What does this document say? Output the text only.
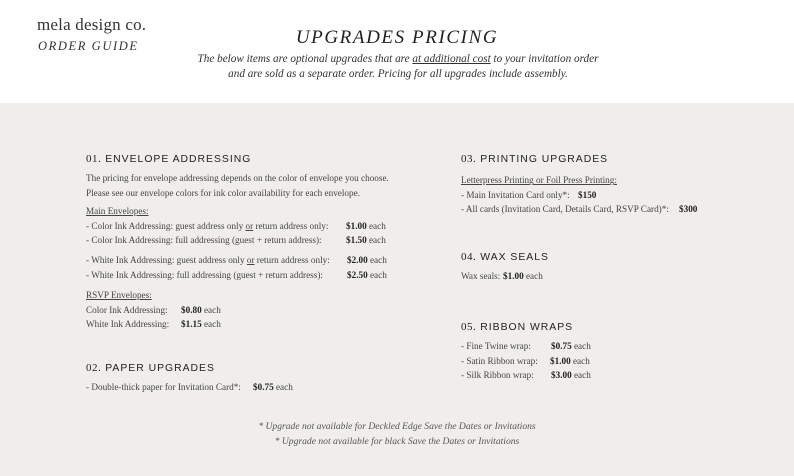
mela design co.
ORDER GUIDE	UPGRADES PRICING
The below items are optional upgrades that are at additional cost to your invitation order
and are sold as a separate order. Pricing for all upgrades include assembly.
01. ENVELOPE ADDRESSING
The pricing for envelope addressing depends on the color of envelope you choose.
Please see our envelope colors for ink color availability for each envelope.
Main Envelopes:
- Color Ink Addressing: guest address only or return address only: $1.00 each
- Color Ink Addressing: full addressing (guest + return address):	$1.50 each
- White Ink Addressing: guest address only or return address only: $2.00 each
- White Ink Addressing: full addressing (guest + return address):	$2.50 each
RSVP Envelopes:
Color Ink Addressing: $0.80 each
White Ink Addressing: $1.15 each
02. PAPER UPGRADES
- Double-thick paper for Invitation Card*: $0.75 each
03. PRINTING UPGRADES
Letterpress Printing or Foil Press Printing:
- Main Invitation Card only*: $150
- All cards (Invitation Card, Details Card, RSVP Card)*: $300
04. WAX SEALS
Wax seals: $1.00 each
05. RIBBON WRAPS
- Fine Twine wrap: $0.75 each
- Satin Ribbon wrap: $1.00 each
- Silk Ribbon wrap: $3.00 each
* Upgrade not available for Deckled Edge Save the Dates or Invitations
* Upgrade not available for black Save the Dates or Invitations
